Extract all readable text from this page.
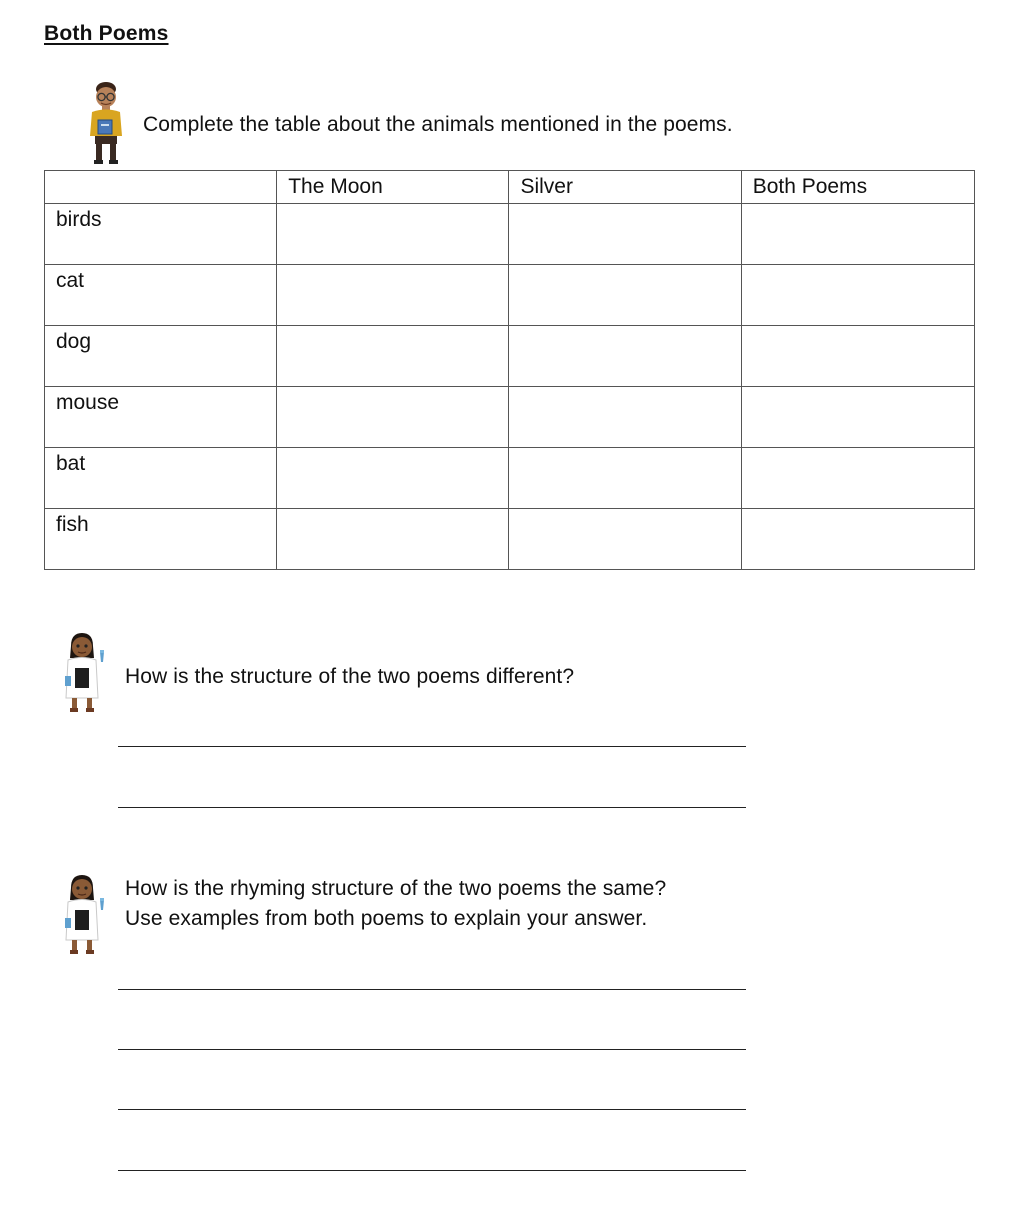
Both Poems
Complete the table about the animals mentioned in the poems.
	The Moon	Silver	Both Poems
birds			
cat			
dog			
mouse			
bat			
fish			
How is the structure of the two poems different?
How is the rhyming structure of the two poems the same?
Use examples from both poems to explain your answer.
